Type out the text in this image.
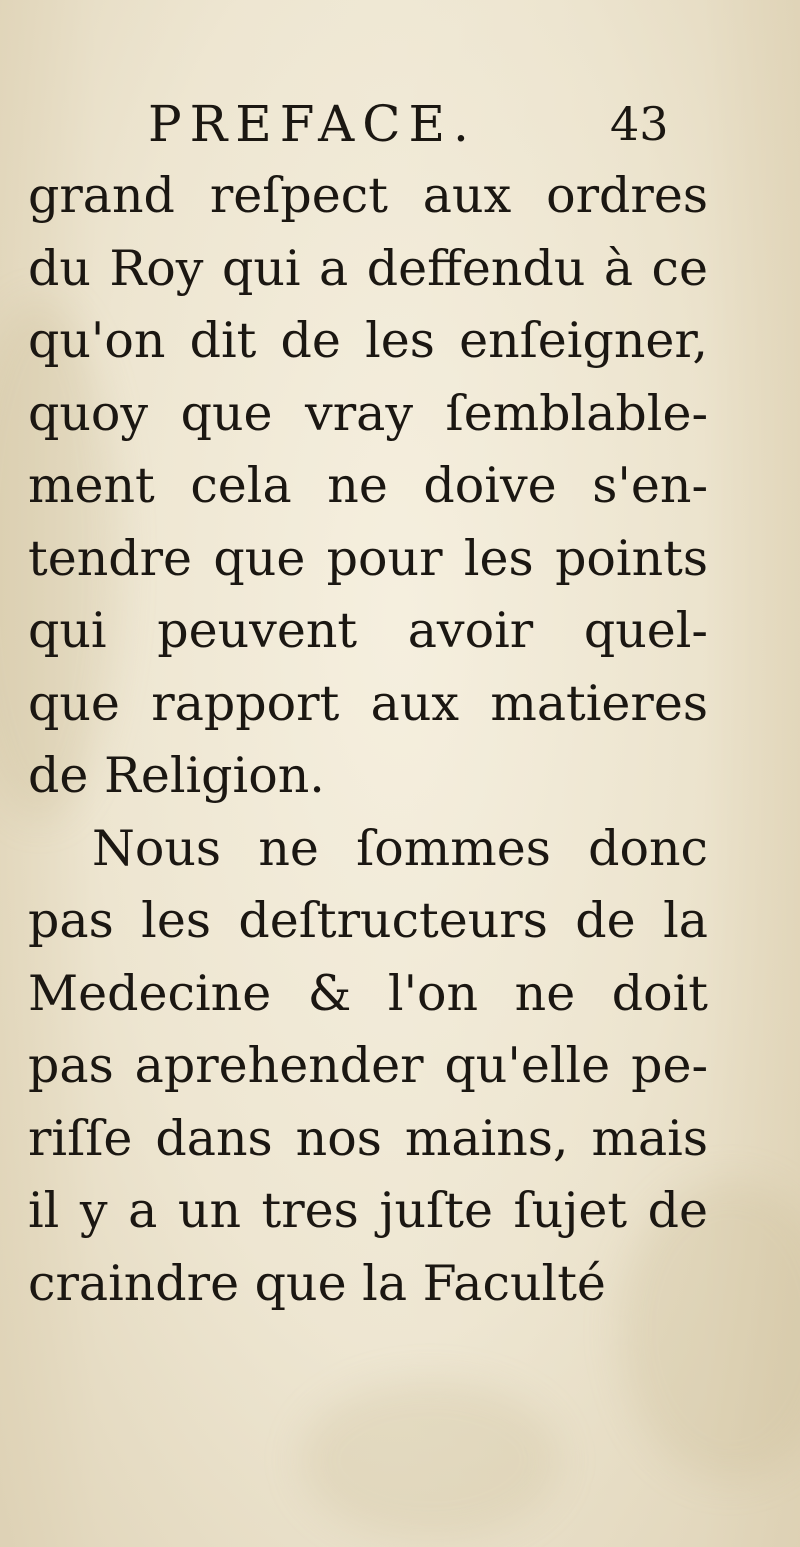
PREFACE.	43
grand reſpect aux ordres
du Roy qui a deffendu à ce
qu'on dit de les enſeigner,
quoy que vray ſemblable-
ment cela ne doive s'en-
tendre que pour les points
qui peuvent avoir quel-
que rapport aux matieres
de Religion.
Nous ne ſommes donc
pas les deſtructeurs de la
Medecine & l'on ne doit
pas aprehender qu'elle pe-
riſſe dans nos mains, mais
il y a un tres juſte ſujet de
craindre que la Faculté
